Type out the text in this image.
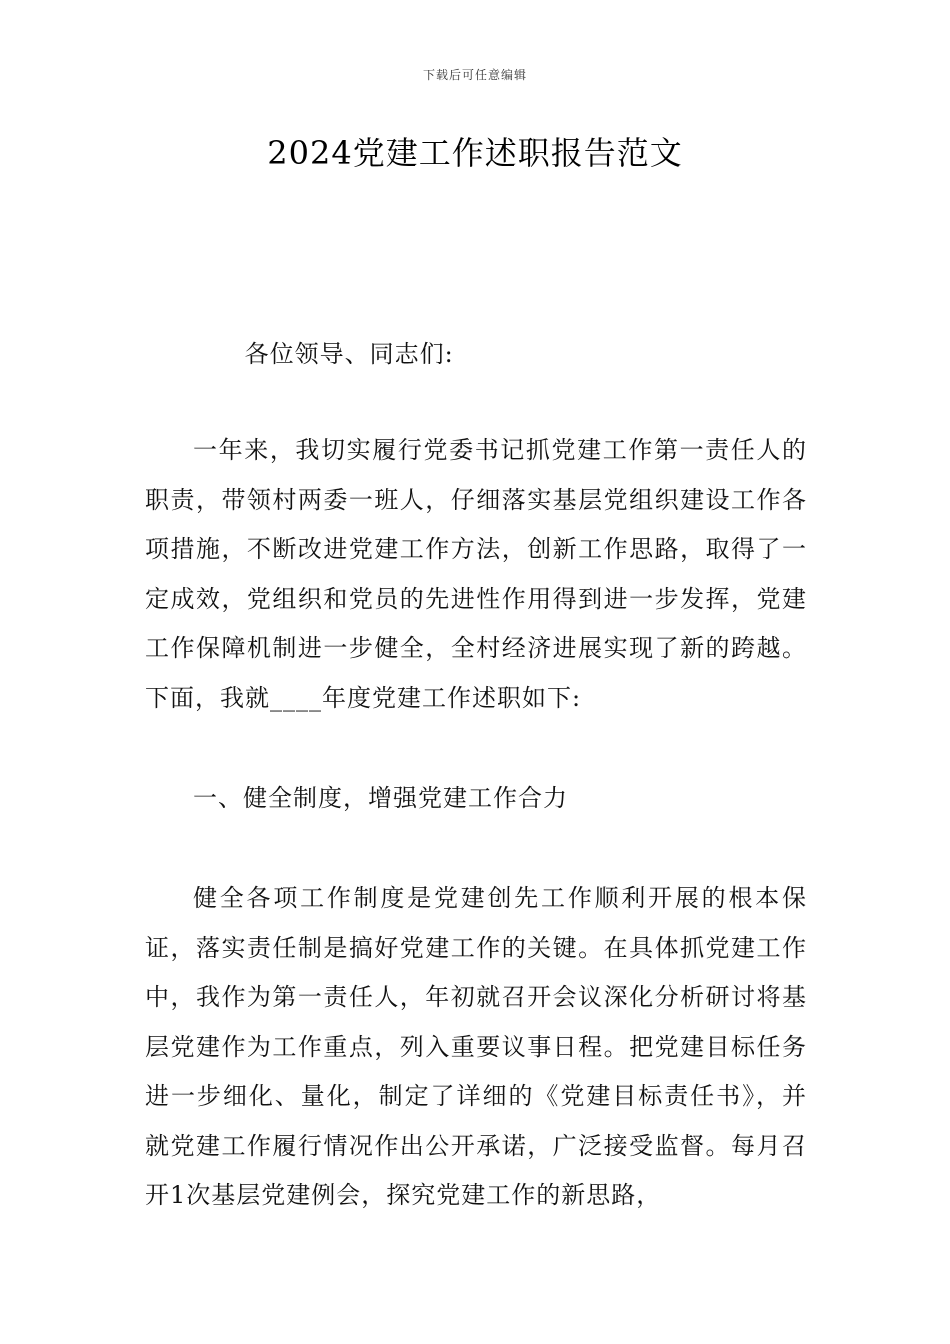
下载后可任意编辑
2024党建工作述职报告范文

各位领导、同志们:

一年来，我切实履行党委书记抓党建工作第一责任人的职责，带领村两委一班人，仔细落实基层党组织建设工作各项措施，不断改进党建工作方法，创新工作思路，取得了一定成效，党组织和党员的先进性作用得到进一步发挥，党建工作保障机制进一步健全，全村经济进展实现了新的跨越。下面，我就____年度党建工作述职如下:

一、健全制度，增强党建工作合力

健全各项工作制度是党建创先工作顺利开展的根本保证，落实责任制是搞好党建工作的关键。在具体抓党建工作中，我作为第一责任人，年初就召开会议深化分析研讨将基层党建作为工作重点，列入重要议事日程。把党建目标任务进一步细化、量化，制定了详细的《党建目标责任书》，并就党建工作履行情况作出公开承诺，广泛接受监督。每月召开1次基层党建例会，探究党建工作的新思路，
